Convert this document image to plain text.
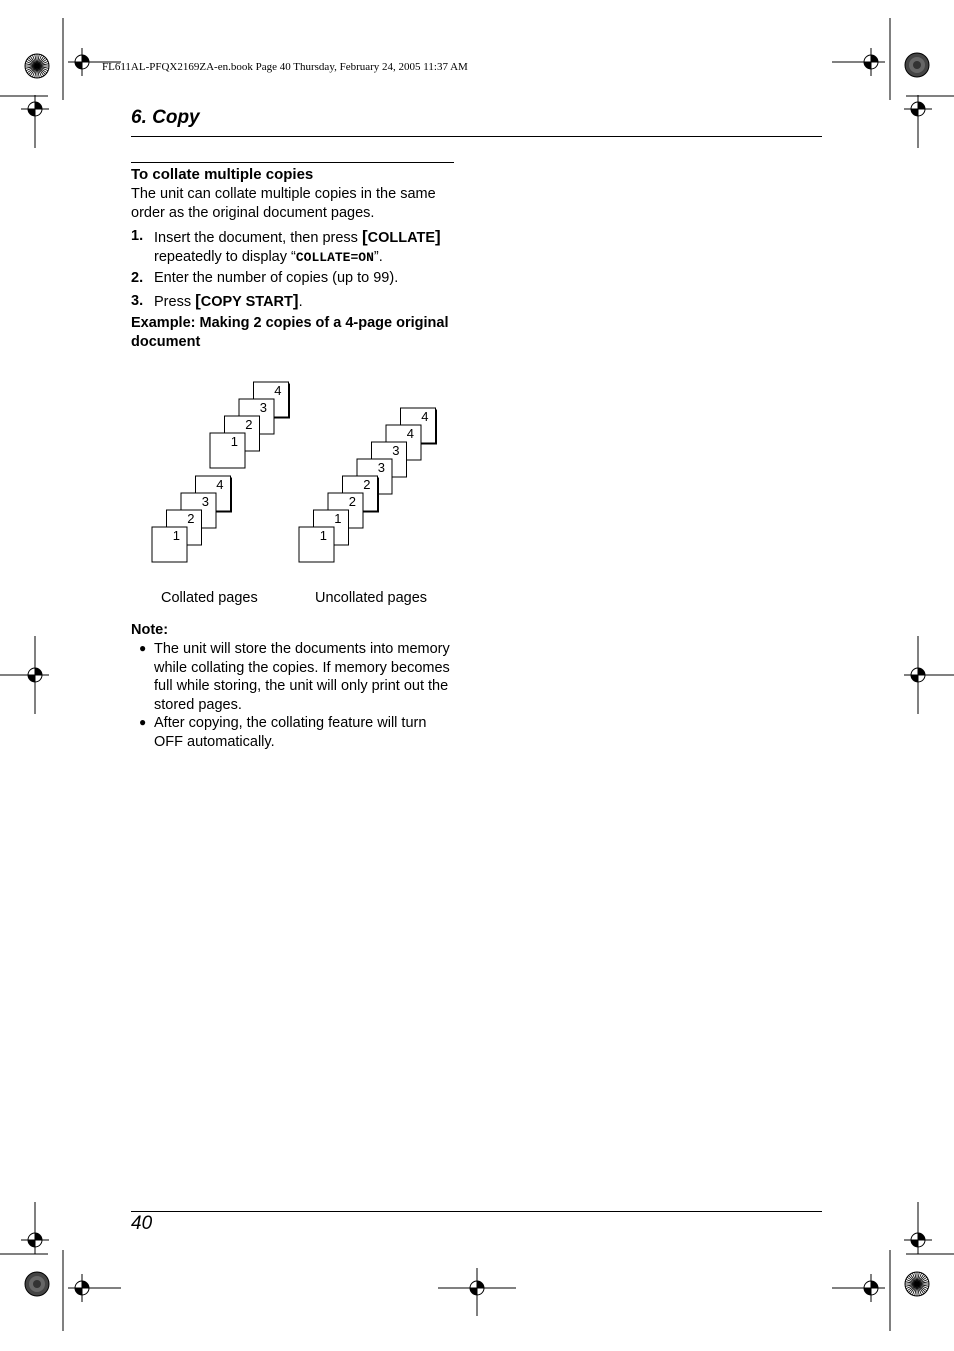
FL611AL-PFQX2169ZA-en.book Page 40 Thursday, February 24, 2005 11:37 AM
6. Copy
To collate multiple copies
The unit can collate multiple copies in the same order as the original document pages.
1. Insert the document, then press [COLLATE] repeatedly to display “COLLATE=ON”.
2. Enter the number of copies (up to 99).
3. Press [COPY START].
Example: Making 2 copies of a 4-page original document
4
3
2
1
4
3
2
1
4
4
3
3
2
2
1
1
Collated pages	Uncollated pages
Note:
● The unit will store the documents into memory while collating the copies. If memory becomes full while storing, the unit will only print out the stored pages.
● After copying, the collating feature will turn OFF automatically.
40
